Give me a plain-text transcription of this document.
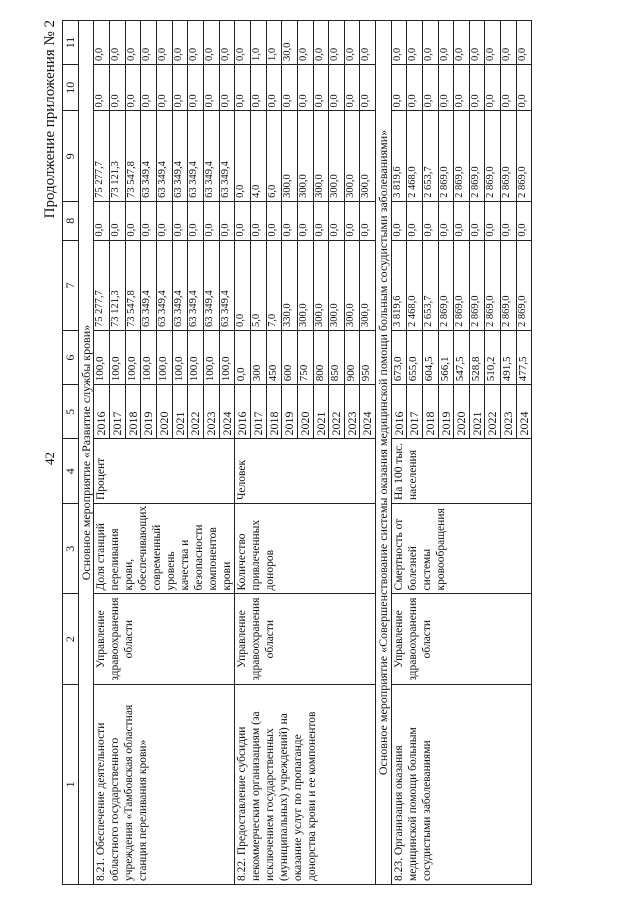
42
Продолжение приложения № 2
1	2	3	4	5	6	7	8	9	10	11
Основное мероприятие «Развитие службы крови»										
8.21. Обеспечение деятельности областного государственного учреждения «Тамбовская областная станция переливания крови»	Управление здравоохранения области	Доля станций переливания крови, обеспечивающих современный уровень качества и безопасности компонентов крови	Процент	2016	100,0	75 277,7	0,0	75 277,7	0,0	0,0
				2017	100,0	73 121,3	0,0	73 121,3	0,0	0,0
				2018	100,0	73 547,8	0,0	73 547,8	0,0	0,0
				2019	100,0	63 349,4	0,0	63 349,4	0,0	0,0
				2020	100,0	63 349,4	0,0	63 349,4	0,0	0,0
				2021	100,0	63 349,4	0,0	63 349,4	0,0	0,0
				2022	100,0	63 349,4	0,0	63 349,4	0,0	0,0
				2023	100,0	63 349,4	0,0	63 349,4	0,0	0,0
				2024	100,0	63 349,4	0,0	63 349,4	0,0	0,0
8.22. Предоставление субсидии некоммерческим организациям (за исключением государственных (муниципальных) учреждений) на оказание услуг по пропаганде донорства крови и ее компонентов	Управление здравоохранения области	Количество привлеченных доноров	Человек	2016	0,0	0,0	0,0	0,0	0,0	0,0
				2017	300	5,0	0,0	4,0	0,0	1,0
				2018	450	7,0	0,0	6,0	0,0	1,0
				2019	600	330,0	0,0	300,0	0,0	30,0
				2020	750	300,0	0,0	300,0	0,0	0,0
				2021	800	300,0	0,0	300,0	0,0	0,0
				2022	850	300,0	0,0	300,0	0,0	0,0
				2023	900	300,0	0,0	300,0	0,0	0,0
				2024	950	300,0	0,0	300,0	0,0	0,0
Основное мероприятие «Совершенствование системы оказания медицинской помощи больным сосудистыми заболеваниями»										
8.23. Организация оказания медицинской помощи больным сосудистыми заболеваниями	Управление здравоохранения области	Смертность от болезней системы кровообращения	На 100 тыс. населения	2016	673,0	3 819,6	0,0	3 819,6	0,0	0,0
				2017	655,0	2 468,0	0,0	2 468,0	0,0	0,0
				2018	604,5	2 653,7	0,0	2 653,7	0,0	0,0
				2019	566,1	2 869,0	0,0	2 869,0	0,0	0,0
				2020	547,5	2 869,0	0,0	2 869,0	0,0	0,0
				2021	528,8	2 869,0	0,0	2 869,0	0,0	0,0
				2022	510,2	2 869,0	0,0	2 869,0	0,0	0,0
				2023	491,5	2 869,0	0,0	2 869,0	0,0	0,0
				2024	477,5	2 869,0	0,0	2 869,0	0,0	0,0
